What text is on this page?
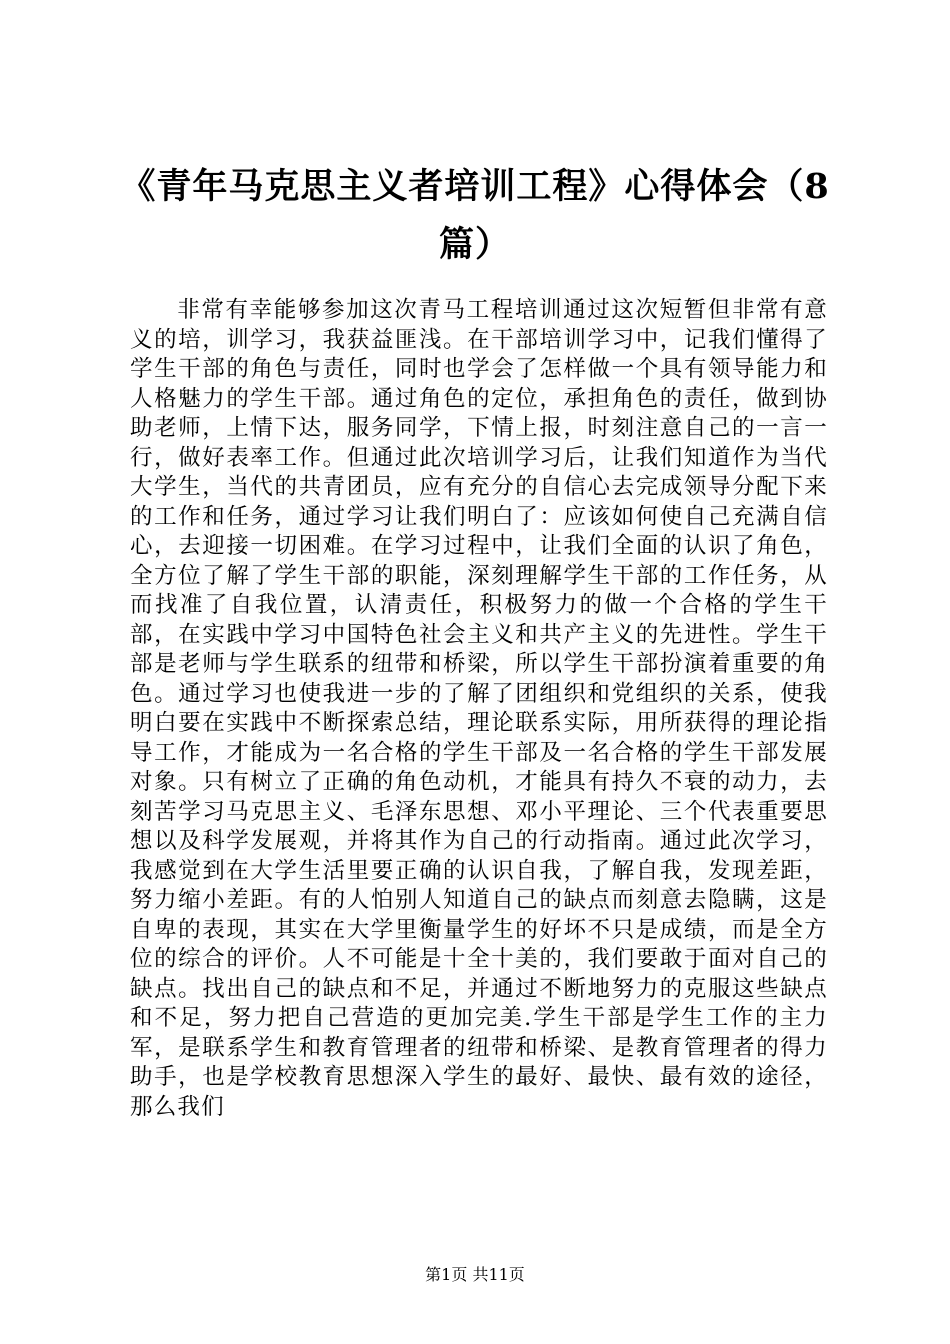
《青年马克思主义者培训工程》心得体会（8篇）

非常有幸能够参加这次青马工程培训通过这次短暂但非常有意义的培，训学习，我获益匪浅。在干部培训学习中，记我们懂得了学生干部的角色与责任，同时也学会了怎样做一个具有领导能力和人格魅力的学生干部。通过角色的定位，承担角色的责任，做到协助老师，上情下达，服务同学，下情上报，时刻注意自己的一言一行，做好表率工作。但通过此次培训学习后，让我们知道作为当代大学生，当代的共青团员，应有充分的自信心去完成领导分配下来的工作和任务，通过学习让我们明白了：应该如何使自己充满自信心，去迎接一切困难。在学习过程中，让我们全面的认识了角色，全方位了解了学生干部的职能，深刻理解学生干部的工作任务，从而找准了自我位置，认清责任，积极努力的做一个合格的学生干部，在实践中学习中国特色社会主义和共产主义的先进性。学生干部是老师与学生联系的纽带和桥梁，所以学生干部扮演着重要的角色。通过学习也使我进一步的了解了团组织和党组织的关系，使我明白要在实践中不断探索总结，理论联系实际，用所获得的理论指导工作，才能成为一名合格的学生干部及一名合格的学生干部发展对象。只有树立了正确的角色动机，才能具有持久不衰的动力，去刻苦学习马克思主义、毛泽东思想、邓小平理论、三个代表重要思想以及科学发展观，并将其作为自己的行动指南。通过此次学习，我感觉到在大学生活里要正确的认识自我，了解自我，发现差距，努力缩小差距。有的人怕别人知道自己的缺点而刻意去隐瞒，这是自卑的表现，其实在大学里衡量学生的好坏不只是成绩，而是全方位的综合的评价。人不可能是十全十美的，我们要敢于面对自己的缺点。找出自己的缺点和不足，并通过不断地努力的克服这些缺点和不足，努力把自己营造的更加完美.学生干部是学生工作的主力军，是联系学生和教育管理者的纽带和桥梁、是教育管理者的得力助手，也是学校教育思想深入学生的最好、最快、最有效的途径，那么我们

第1页 共11页
